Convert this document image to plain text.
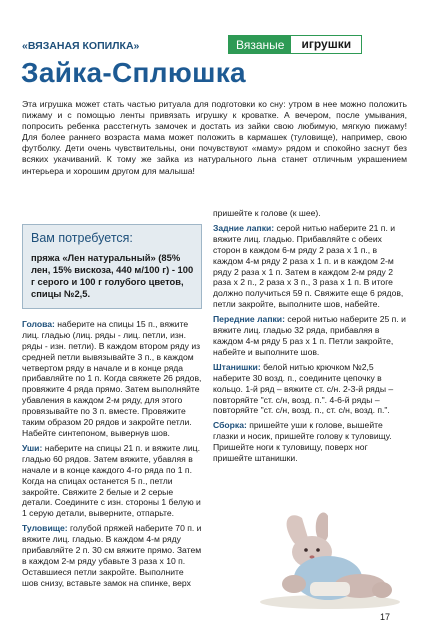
«ВЯЗАНАЯ КОПИЛКА»	Вязаные	игрушки
Зайка-Сплюшка
Эта игрушка может стать частью ритуала для подготовки ко сну: утром в нее можно положить пижаму и с помощью ленты привязать игрушку к кроватке. А вечером, после умывания, попросить ребенка расстегнуть замочек и достать из зайки свою любимую, мягкую пижаму! Для более раннего возраста мама может положить в кармашек (туловище), например, свою футболку. Дети очень чувствительны, они почувствуют «маму» рядом и спокойно заснут без всяких укачиваний. К тому же зайка из натурального льна станет отличным украшением интерьера и хорошим другом для малыша!
Вам потребуется:
пряжа «Лен натуральный» (85% лен, 15% вискоза, 440 м/100 г) - 100 г серого и 100 г голубого цветов, спицы №2,5.

Голова: наберите на спицы 15 п., вяжите лиц. гладью (лиц. ряды - лиц. петли, изн. ряды - изн. петли). В каждом втором ряду из средней петли вывязывайте 3 п., в каждом четвертом ряду в начале и в конце ряда прибавляйте по 1 п. Когда свяжете 26 рядов, провяжите 4 ряда прямо. Затем выполняйте убавления в каждом 2-м ряду, для этого провязывайте по 3 п. вместе. Провяжите таким образом 20 рядов и закройте петли. Набейте синтепоном, вывернув шов.

Уши: наберите на спицы 21 п. и вяжите лиц. гладью 60 рядов. Затем вяжите, убавляя в начале и в конце каждого 4-го ряда по 1 п. Когда на спицах останется 5 п., петли закройте. Свяжите 2 белые и 2 серые детали. Соедините с изн. стороны 1 белую и 1 серую детали, выверните, отпарьте.

Туловище: голубой пряжей наберите 70 п. и вяжите лиц. гладью. В каждом 4-м ряду прибавляйте 2 п. 30 см вяжите прямо. Затем в каждом 2-м ряду убавьте 3 раза х 10 п. Оставшиеся петли закройте. Выполните шов снизу, вставьте замок на спинке, верх

пришейте к голове (к шее).

Задние лапки: серой нитью наберите 21 п. и вяжите лиц. гладью. Прибавляйте с обеих сторон в каждом 6-м ряду 2 раза х 1 п., в каждом 4-м ряду 2 раза х 1 п. и в каждом 2-м ряду 2 раза х 1 п. Затем в каждом 2-м ряду 2 раза х 2 п., 2 раза х 3 п., 3 раза х 1 п. В итоге должно получиться 59 п. Свяжите еще 6 рядов, петли закройте, выполните шов, набейте.

Передние лапки: серой нитью наберите 25 п. и вяжите лиц. гладью 32 ряда, прибавляя в каждом 4-м ряду 5 раз х 1 п. Петли закройте, набейте и выполните шов.

Штанишки: белой нитью крючком №2,5 наберите 30 возд. п., соедините цепочку в кольцо. 1-й ряд – вяжите ст. с/н. 2-3-й ряды – повторяйте "ст. с/н, возд. п.". 4-6-й ряды – повторяйте "ст. с/н, возд. п., ст. с/н, возд. п.".

Сборка: пришейте уши к голове, вышейте глазки и носик, пришейте голову к туловищу. Пришейте ноги к туловищу, поверх ног пришейте штанишки.

17
